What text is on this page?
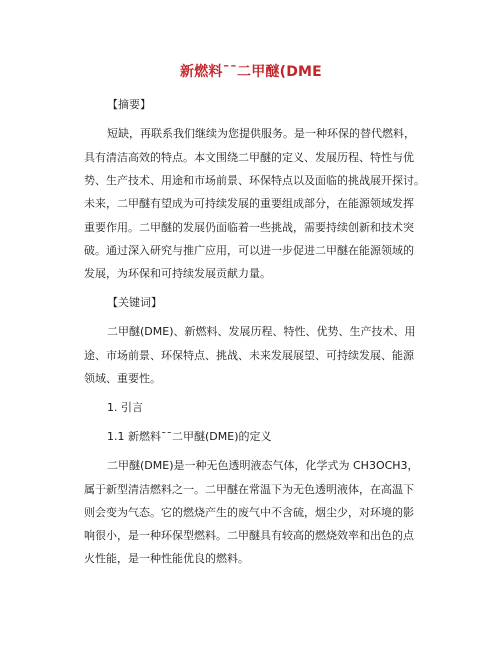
新燃料¯¯二甲醚(DME
【摘要】
短缺，再联系我们继续为您提供服务。是一种环保的替代燃料，
具有清洁高效的特点。本文围绕二甲醚的定义、发展历程、特性与优
势、生产技术、用途和市场前景、环保特点以及面临的挑战展开探讨。
未来，二甲醚有望成为可持续发展的重要组成部分，在能源领域发挥
重要作用。二甲醚的发展仍面临着一些挑战，需要持续创新和技术突
破。通过深入研究与推广应用，可以进一步促进二甲醚在能源领域的
发展，为环保和可持续发展贡献力量。
【关键词】
二甲醚(DME)、新燃料、发展历程、特性、优势、生产技术、用
途、市场前景、环保特点、挑战、未来发展展望、可持续发展、能源
领域、重要性。
1. 引言
1.1 新燃料¯¯二甲醚(DME)的定义
二甲醚(DME)是一种无色透明液态气体，化学式为 CH3OCH3，
属于新型清洁燃料之一。二甲醚在常温下为无色透明液体，在高温下
则会变为气态。它的燃烧产生的废气中不含硫，烟尘少，对环境的影
响很小，是一种环保型燃料。二甲醚具有较高的燃烧效率和出色的点
火性能，是一种性能优良的燃料。
